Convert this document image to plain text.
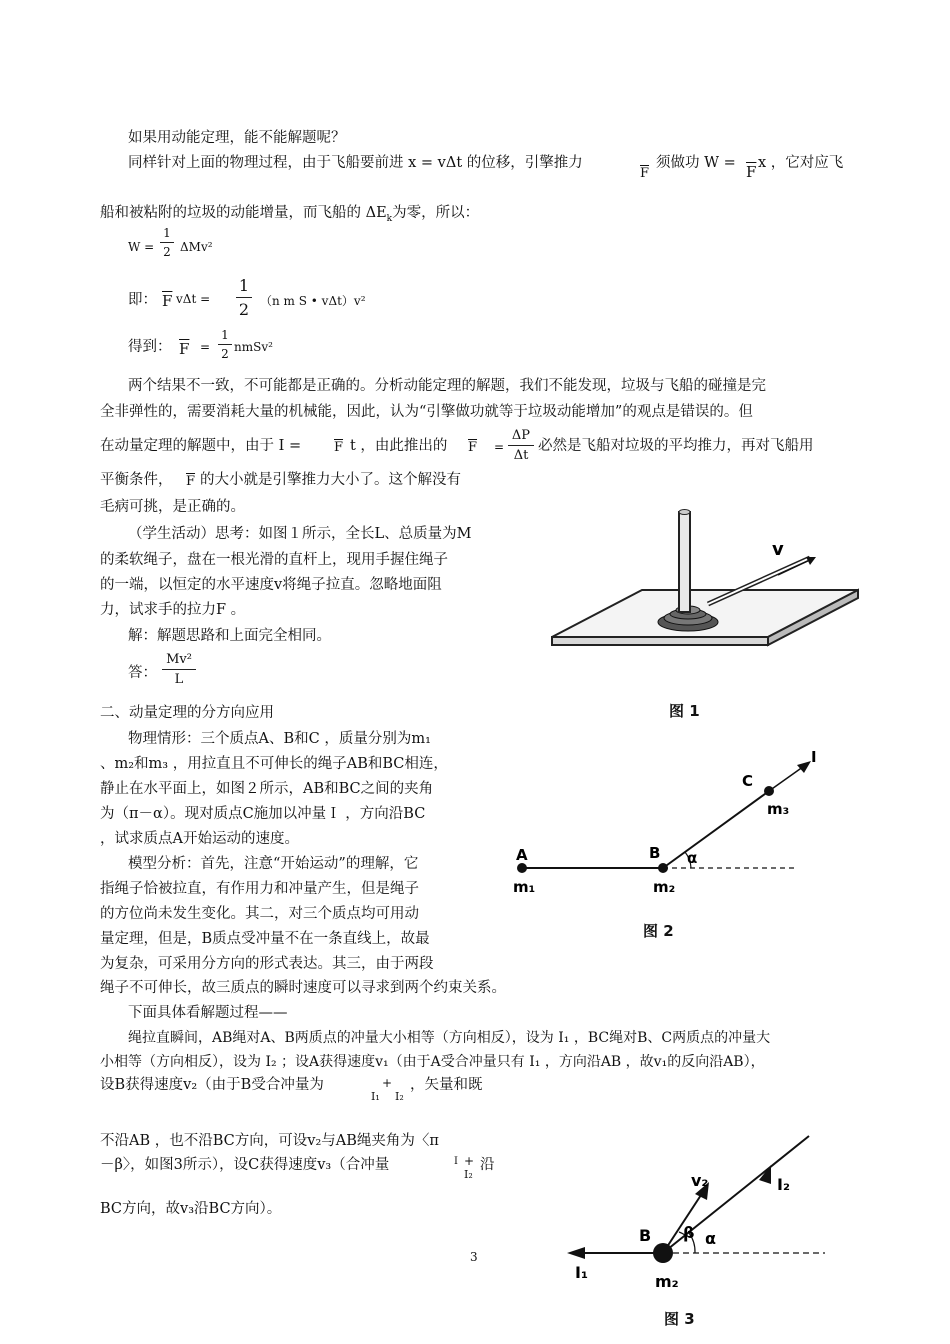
如果用动能定理，能不能解题呢？
同样针对上面的物理过程，由于飞船要前进 x = vΔt 的位移，引擎推力
$\overline{F}$
须做功 $W = \overline{F}$ x ，它对应飞
船和被粘附的垃圾的动能增量，而飞船的 $\Delta E_k$为零，所以：
W =
1
2 ΔMv²
即： $\overline{F}$ vΔt =
1
2 （n m S • vΔt）v²
得到： $\overline{F}$ =
1
2 nmSv²
两个结果不一致，不可能都是正确的。分析动能定理的解题，我们不能发现，垃圾与飞船的碰撞是完
全非弹性的，需要消耗大量的机械能，因此，认为“引擎做功就等于垃圾动能增加”的观点是错误的。但
在动量定理的解题中，由于 I =	$\overline{F}$ t ，由此推出的 $\overline{F}$ =
ΔP
Δt
必然是飞船对垃圾的平均推力，再对飞船用
平衡条件， $\overline{F}$ 的大小就是引擎推力大小了。这个解没有
毛病可挑，是正确的。
（学生活动）思考：如图１所示，全长L、总质量为M
的柔软绳子，盘在一根光滑的直杆上，现用手握住绳子
的一端，以恒定的水平速度v将绳子拉直。忽略地面阻
力，试求手的拉力F 。
解：解题思路和上面完全相同。
答：
Mv²
L
二、动量定理的分方向应用
物理情形：三个质点A、B和C ，质量分别为m₁
、m₂和m₃ ，用拉直且不可伸长的绳子AB和BC相连，
静止在水平面上，如图２所示，AB和BC之间的夹角
为（π－α）。现对质点C施加以冲量Ｉ ，方向沿BC
，试求质点A开始运动的速度。
模型分析：首先，注意“开始运动”的理解，它
指绳子恰被拉直，有作用力和冲量产生，但是绳子
的方位尚未发生变化。其二，对三个质点均可用动
量定理，但是，B质点受冲量不在一条直线上，故最
为复杂，可采用分方向的形式表达。其三，由于两段
绳子不可伸长，故三质点的瞬时速度可以寻求到两个约束关系。
下面具体看解题过程——
绳拉直瞬间，AB绳对A、B两质点的冲量大小相等（方向相反），设为 I₁ ，BC绳对B、C两质点的冲量大
小相等（方向相反），设为 I₂ ；设A获得速度v₁（由于A受合冲量只有 I₁ ，方向沿AB ，故v₁的反向沿AB），
设B获得速度v₂（由于B受合冲量为	+
I₁ I₂
，矢量和既
不沿AB ，也不沿BC方向，可设v₂与AB绳夹角为〈π
－β〉，如图3所示），设C获得速度v₃（合冲量	I +
I₂
沿
BC方向，故v₃沿BC方向）。
3
v
图 1
A	B
C
m₁	m₂
m₃
I
α
图 2
B
m₂
v₂	I₂
I₁
β α
图 3
